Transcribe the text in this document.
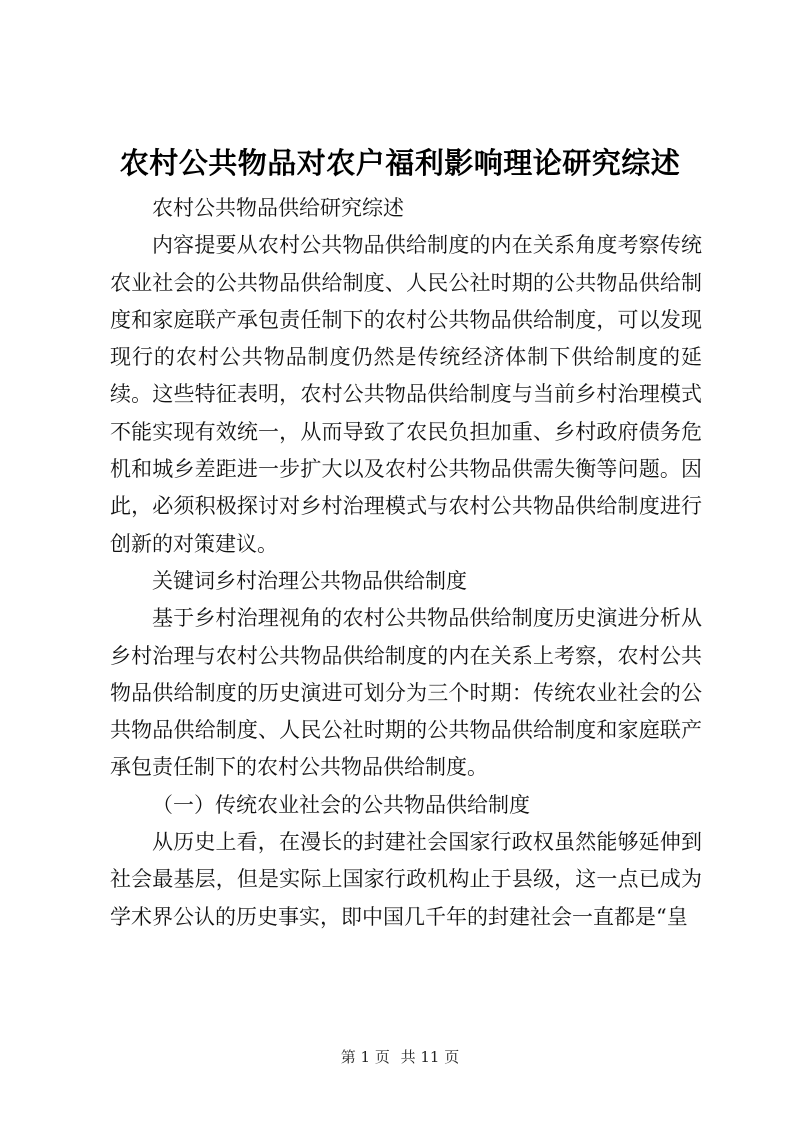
农村公共物品对农户福利影响理论研究综述

农村公共物品供给研究综述

内容提要从农村公共物品供给制度的内在关系角度考察传统农业社会的公共物品供给制度、人民公社时期的公共物品供给制度和家庭联产承包责任制下的农村公共物品供给制度，可以发现现行的农村公共物品制度仍然是传统经济体制下供给制度的延续。这些特征表明，农村公共物品供给制度与当前乡村治理模式不能实现有效统一，从而导致了农民负担加重、乡村政府债务危机和城乡差距进一步扩大以及农村公共物品供需失衡等问题。因此，必须积极探讨对乡村治理模式与农村公共物品供给制度进行创新的对策建议。

关键词乡村治理公共物品供给制度

基于乡村治理视角的农村公共物品供给制度历史演进分析从乡村治理与农村公共物品供给制度的内在关系上考察，农村公共物品供给制度的历史演进可划分为三个时期：传统农业社会的公共物品供给制度、人民公社时期的公共物品供给制度和家庭联产承包责任制下的农村公共物品供给制度。

（一）传统农业社会的公共物品供给制度

从历史上看，在漫长的封建社会国家行政权虽然能够延伸到社会最基层，但是实际上国家行政机构止于县级，这一点已成为学术界公认的历史事实，即中国几千年的封建社会一直都是“皇

第 1 页 共 11 页
